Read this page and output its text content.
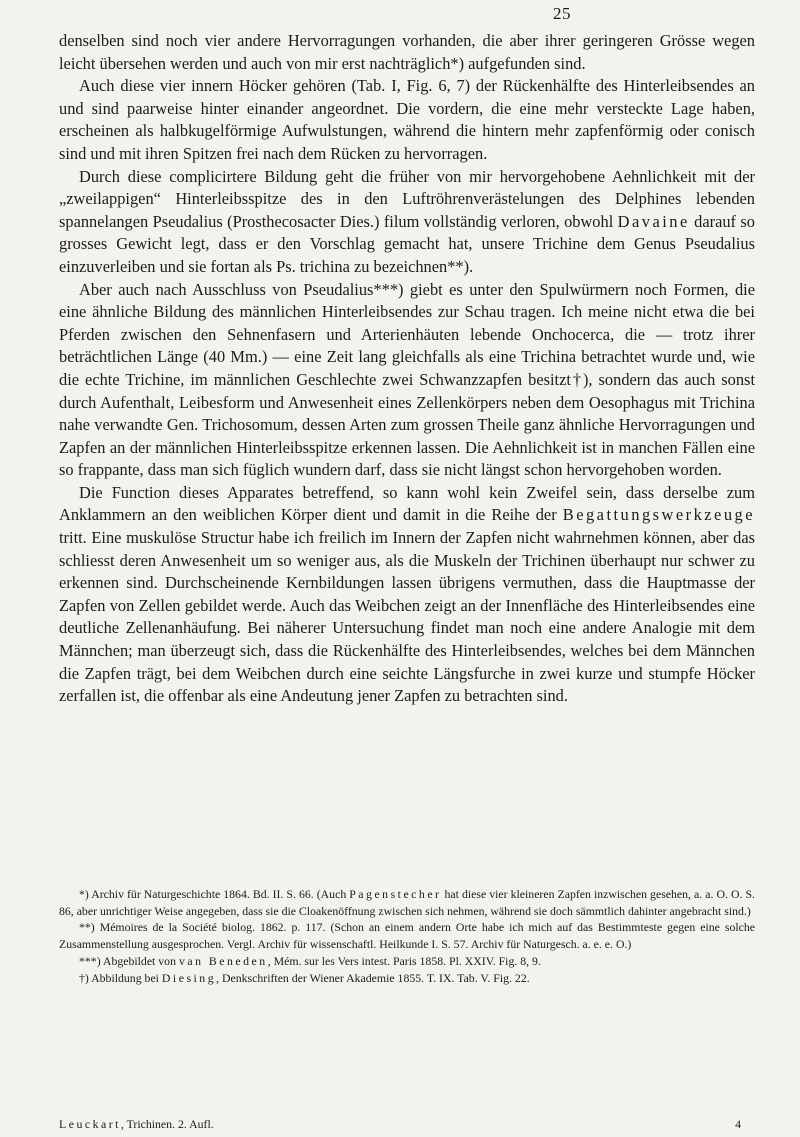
25

denselben sind noch vier andere Hervorragungen vorhanden, die aber ihrer geringeren Grösse wegen leicht übersehen werden und auch von mir erst nachträglich*) aufgefunden sind.

Auch diese vier innern Höcker gehören (Tab. I, Fig. 6, 7) der Rückenhälfte des Hinterleibsendes an und sind paarweise hinter einander angeordnet. Die vordern, die eine mehr versteckte Lage haben, erscheinen als halbkugelförmige Aufwulstungen, während die hintern mehr zapfenförmig oder conisch sind und mit ihren Spitzen frei nach dem Rücken zu hervorragen.

Durch diese complicirtere Bildung geht die früher von mir hervorgehobene Aehnlichkeit mit der „zweilappigen“ Hinterleibsspitze des in den Luftröhrenverästelungen des Delphines lebenden spannelangen Pseudalius (Prosthecosacter Dies.) filum vollständig verloren, obwohl Davaine darauf so grosses Gewicht legt, dass er den Vorschlag gemacht hat, unsere Trichine dem Genus Pseudalius einzuverleiben und sie fortan als Ps. trichina zu bezeichnen**).

Aber auch nach Ausschluss von Pseudalius***) giebt es unter den Spulwürmern noch Formen, die eine ähnliche Bildung des männlichen Hinterleibsendes zur Schau tragen. Ich meine nicht etwa die bei Pferden zwischen den Sehnenfasern und Arterienhäuten lebende Onchocerca, die — trotz ihrer beträchtlichen Länge (40 Mm.) — eine Zeit lang gleichfalls als eine Trichina betrachtet wurde und, wie die echte Trichine, im männlichen Geschlechte zwei Schwanzzapfen besitzt†), sondern das auch sonst durch Aufenthalt, Leibesform und Anwesenheit eines Zellenkörpers neben dem Oesophagus mit Trichina nahe verwandte Gen. Trichosomum, dessen Arten zum grossen Theile ganz ähnliche Hervorragungen und Zapfen an der männlichen Hinterleibsspitze erkennen lassen. Die Aehnlichkeit ist in manchen Fällen eine so frappante, dass man sich füglich wundern darf, dass sie nicht längst schon hervorgehoben worden.

Die Function dieses Apparates betreffend, so kann wohl kein Zweifel sein, dass derselbe zum Anklammern an den weiblichen Körper dient und damit in die Reihe der Begattungswerkzeuge tritt. Eine muskulöse Structur habe ich freilich im Innern der Zapfen nicht wahrnehmen können, aber das schliesst deren Anwesenheit um so weniger aus, als die Muskeln der Trichinen überhaupt nur schwer zu erkennen sind. Durchscheinende Kernbildungen lassen übrigens vermuthen, dass die Hauptmasse der Zapfen von Zellen gebildet werde. Auch das Weibchen zeigt an der Innenfläche des Hinterleibsendes eine deutliche Zellenanhäufung. Bei näherer Untersuchung findet man noch eine andere Analogie mit dem Männchen; man überzeugt sich, dass die Rückenhälfte des Hinterleibsendes, welches bei dem Männchen die Zapfen trägt, bei dem Weibchen durch eine seichte Längsfurche in zwei kurze und stumpfe Höcker zerfallen ist, die offenbar als eine Andeutung jener Zapfen zu betrachten sind.

*) Archiv für Naturgeschichte 1864. Bd. II. S. 66. (Auch Pagenstecher hat diese vier kleineren Zapfen inzwischen gesehen, a. a. O. O. S. 86, aber unrichtiger Weise angegeben, dass sie die Cloakenöffnung zwischen sich nehmen, während sie doch sämmtlich dahinter angebracht sind.)

**) Mémoires de la Société biolog. 1862. p. 117. (Schon an einem andern Orte habe ich mich auf das Bestimmteste gegen eine solche Zusammenstellung ausgesprochen. Vergl. Archiv für wissenschaftl. Heilkunde I. S. 57. Archiv für Naturgesch. a. e. e. O.)

***) Abgebildet von van Beneden, Mém. sur les Vers intest. Paris 1858. Pl. XXIV. Fig. 8, 9.

†) Abbildung bei Diesing, Denkschriften der Wiener Akademie 1855. T. IX. Tab. V. Fig. 22.

Leuckart, Trichinen. 2. Aufl.	4
